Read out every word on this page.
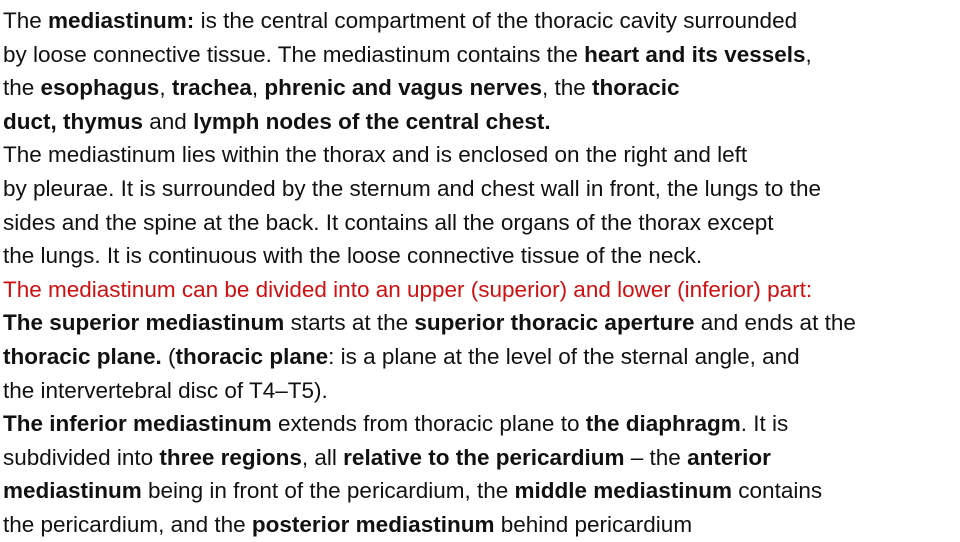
The mediastinum: is the central compartment of the thoracic cavity surrounded
by loose connective tissue. The mediastinum contains the heart and its vessels,
the esophagus, trachea, phrenic and vagus nerves, the thoracic
duct, thymus and lymph nodes of the central chest.
The mediastinum lies within the thorax and is enclosed on the right and left
by pleurae. It is surrounded by the sternum and chest wall in front, the lungs to the
sides and the spine at the back. It contains all the organs of the thorax except
the lungs. It is continuous with the loose connective tissue of the neck.
The mediastinum can be divided into an upper (superior) and lower (inferior) part:
The superior mediastinum starts at the superior thoracic aperture and ends at the
thoracic plane. (thoracic plane: is a plane at the level of the sternal angle, and
the intervertebral disc of T4–T5).
The inferior mediastinum extends from thoracic plane to the diaphragm. It is
subdivided into three regions, all relative to the pericardium – the anterior
mediastinum being in front of the pericardium, the middle mediastinum contains
the pericardium, and the posterior mediastinum behind pericardium
